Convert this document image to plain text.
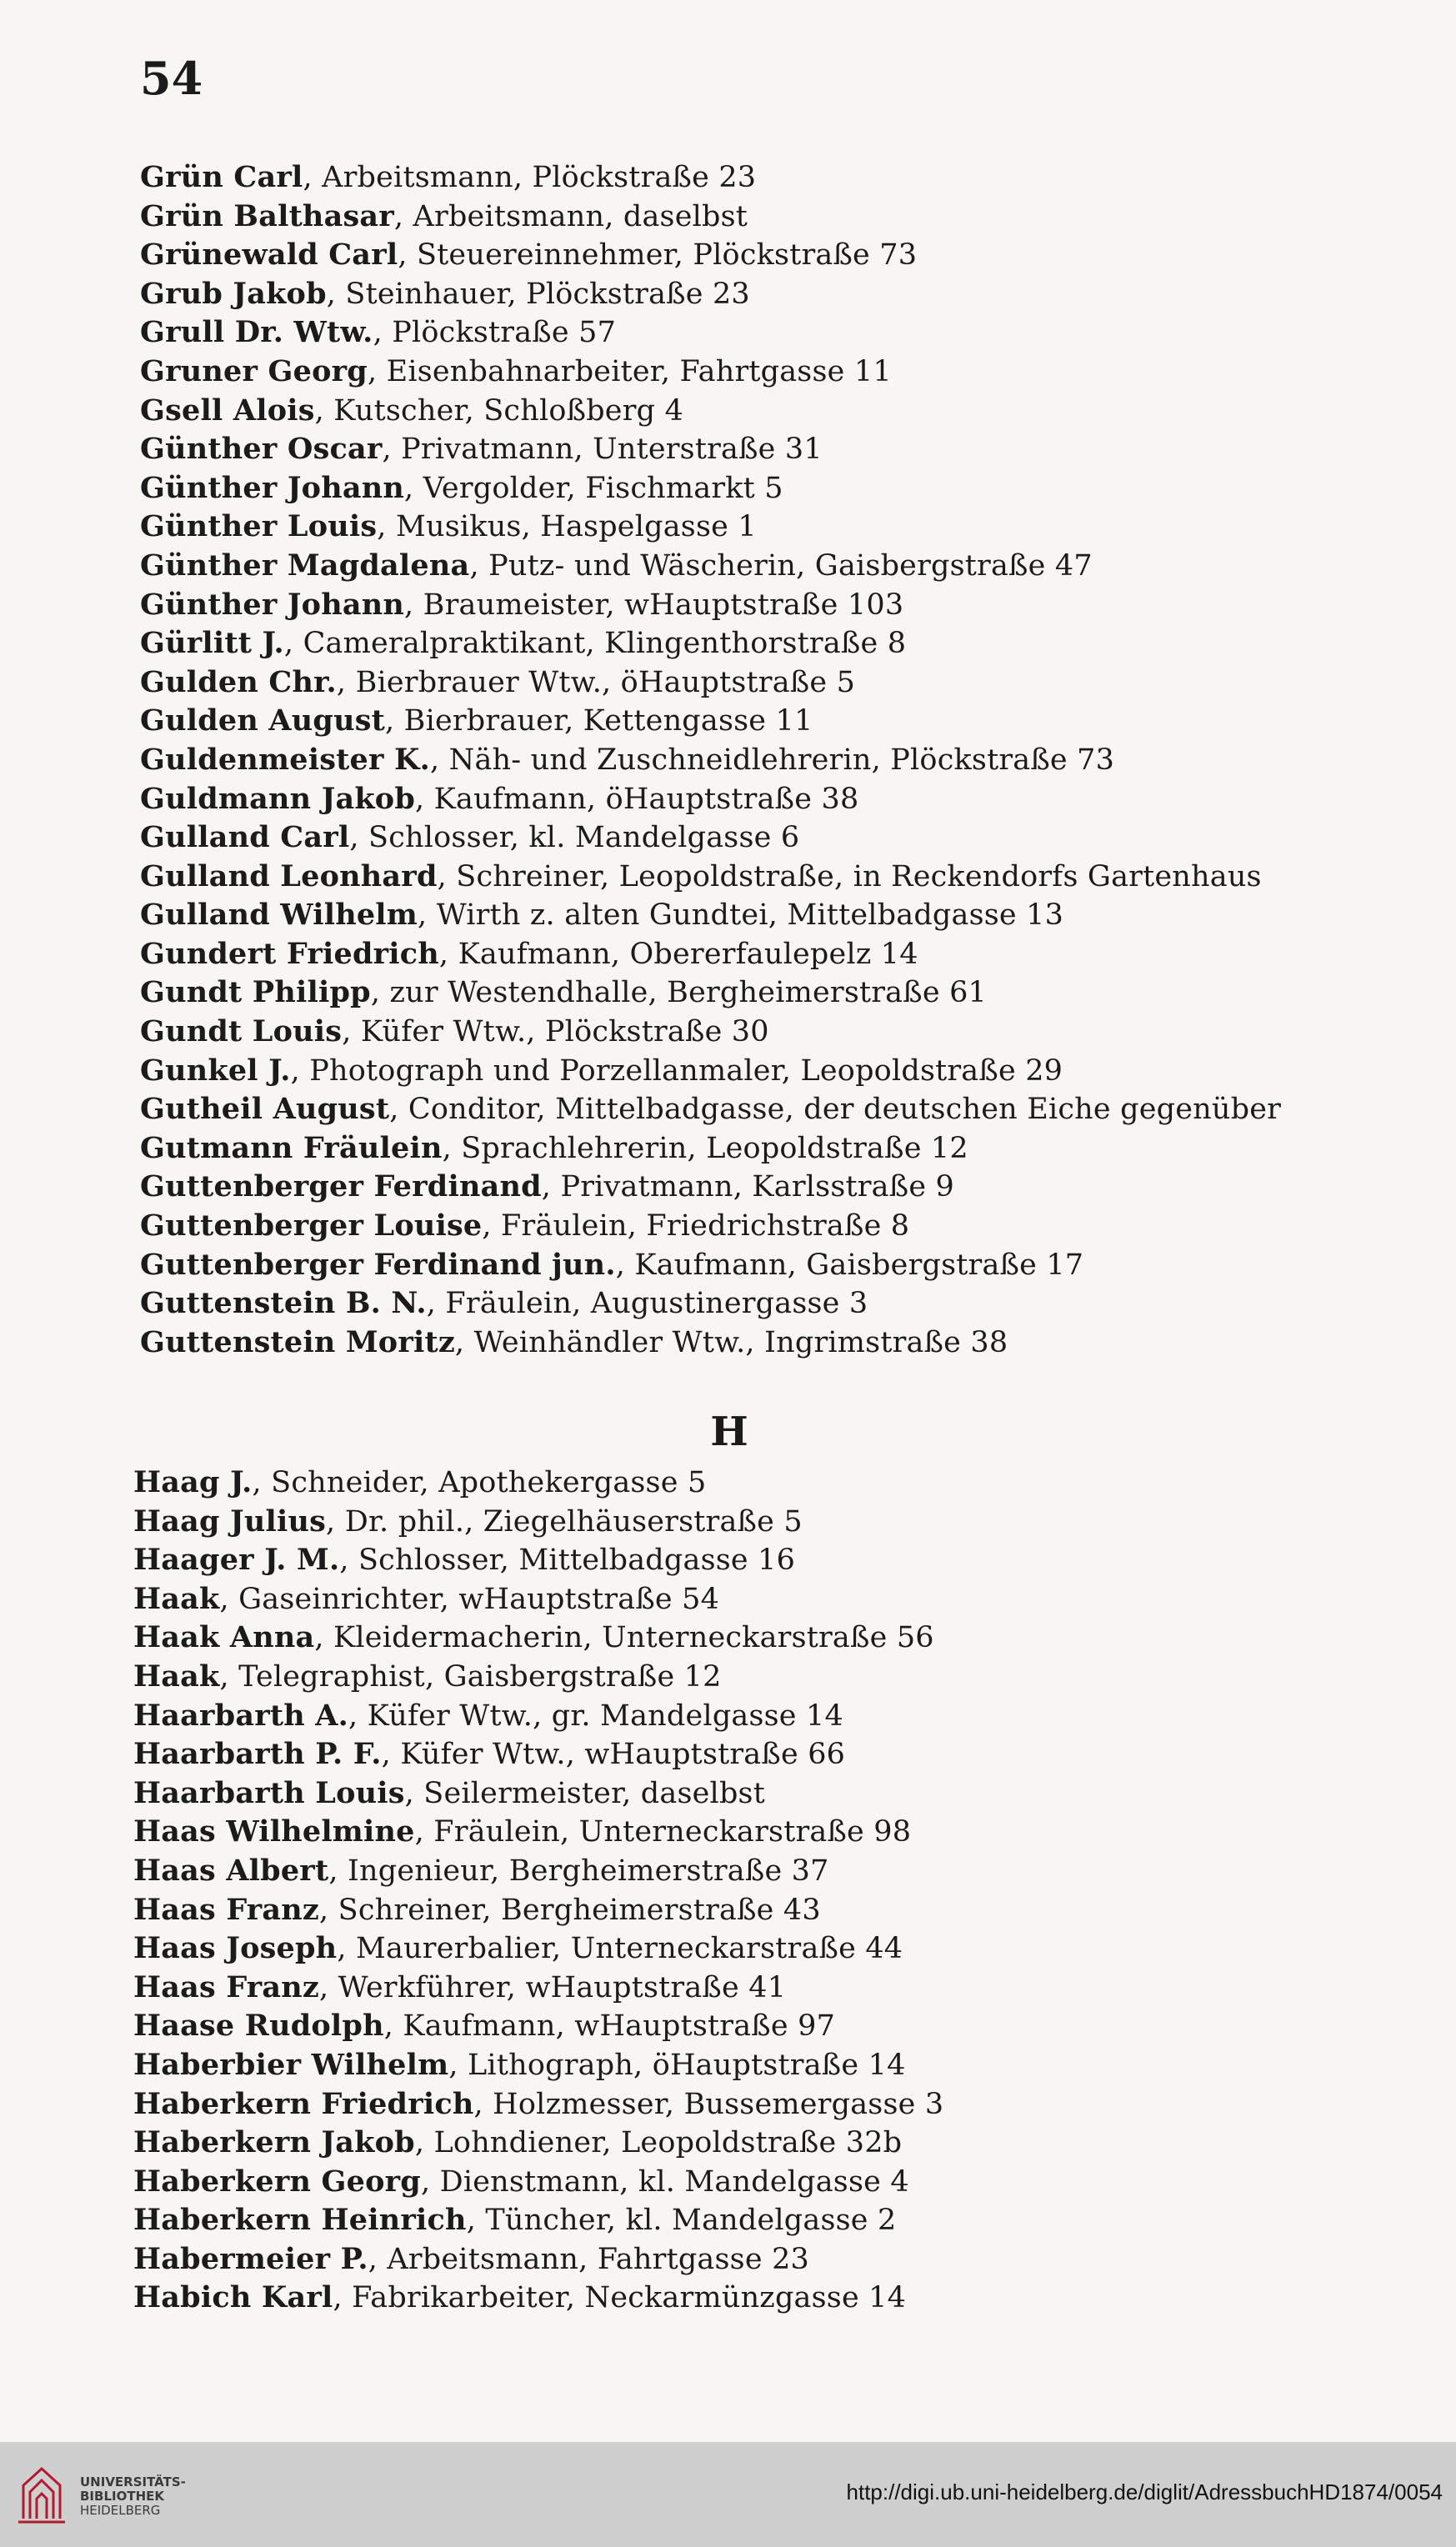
54
Grün Carl, Arbeitsmann, Plöckstraße 23
Grün Balthasar, Arbeitsmann, daselbst
Grünewald Carl, Steuereinnehmer, Plöckstraße 73
Grub Jakob, Steinhauer, Plöckstraße 23
Grull Dr. Wtw., Plöckstraße 57
Gruner Georg, Eisenbahnarbeiter, Fahrtgasse 11
Gsell Alois, Kutscher, Schloßberg 4
Günther Oscar, Privatmann, Unterstraße 31
Günther Johann, Vergolder, Fischmarkt 5
Günther Louis, Musikus, Haspelgasse 1
Günther Magdalena, Putz- und Wäscherin, Gaisbergstraße 47
Günther Johann, Braumeister, wHauptstraße 103
Gürlitt J., Cameralpraktikant, Klingenthorstraße 8
Gulden Chr., Bierbrauer Wtw., öHauptstraße 5
Gulden August, Bierbrauer, Kettengasse 11
Guldenmeister K., Näh- und Zuschneidlehrerin, Plöckstraße 73
Guldmann Jakob, Kaufmann, öHauptstraße 38
Gulland Carl, Schlosser, kl. Mandelgasse 6
Gulland Leonhard, Schreiner, Leopoldstraße, in Reckendorfs Gartenhaus
Gulland Wilhelm, Wirth z. alten Gundtei, Mittelbadgasse 13
Gundert Friedrich, Kaufmann, Obererfaulepelz 14
Gundt Philipp, zur Westendhalle, Bergheimerstraße 61
Gundt Louis, Küfer Wtw., Plöckstraße 30
Gunkel J., Photograph und Porzellanmaler, Leopoldstraße 29
Gutheil August, Conditor, Mittelbadgasse, der deutschen Eiche gegenüber
Gutmann Fräulein, Sprachlehrerin, Leopoldstraße 12
Guttenberger Ferdinand, Privatmann, Karlsstraße 9
Guttenberger Louise, Fräulein, Friedrichstraße 8
Guttenberger Ferdinand jun., Kaufmann, Gaisbergstraße 17
Guttenstein B. N., Fräulein, Augustinergasse 3
Guttenstein Moritz, Weinhändler Wtw., Ingrimstraße 38
H
Haag J., Schneider, Apothekergasse 5
Haag Julius, Dr. phil., Ziegelhäuserstraße 5
Haager J. M., Schlosser, Mittelbadgasse 16
Haak, Gaseinrichter, wHauptstraße 54
Haak Anna, Kleidermacherin, Unterneckarstraße 56
Haak, Telegraphist, Gaisbergstraße 12
Haarbarth A., Küfer Wtw., gr. Mandelgasse 14
Haarbarth P. F., Küfer Wtw., wHauptstraße 66
Haarbarth Louis, Seilermeister, daselbst
Haas Wilhelmine, Fräulein, Unterneckarstraße 98
Haas Albert, Ingenieur, Bergheimerstraße 37
Haas Franz, Schreiner, Bergheimerstraße 43
Haas Joseph, Maurerbalier, Unterneckarstraße 44
Haas Franz, Werkführer, wHauptstraße 41
Haase Rudolph, Kaufmann, wHauptstraße 97
Haberbier Wilhelm, Lithograph, öHauptstraße 14
Haberkern Friedrich, Holzmesser, Bussemergasse 3
Haberkern Jakob, Lohndiener, Leopoldstraße 32b
Haberkern Georg, Dienstmann, kl. Mandelgasse 4
Haberkern Heinrich, Tüncher, kl. Mandelgasse 2
Habermeier P., Arbeitsmann, Fahrtgasse 23
Habich Karl, Fabrikarbeiter, Neckarmünzgasse 14
UNIVERSITÄTS-
BIBLIOTHEK
HEIDELBERG
http://digi.ub.uni-heidelberg.de/diglit/AdressbuchHD1874/0054
